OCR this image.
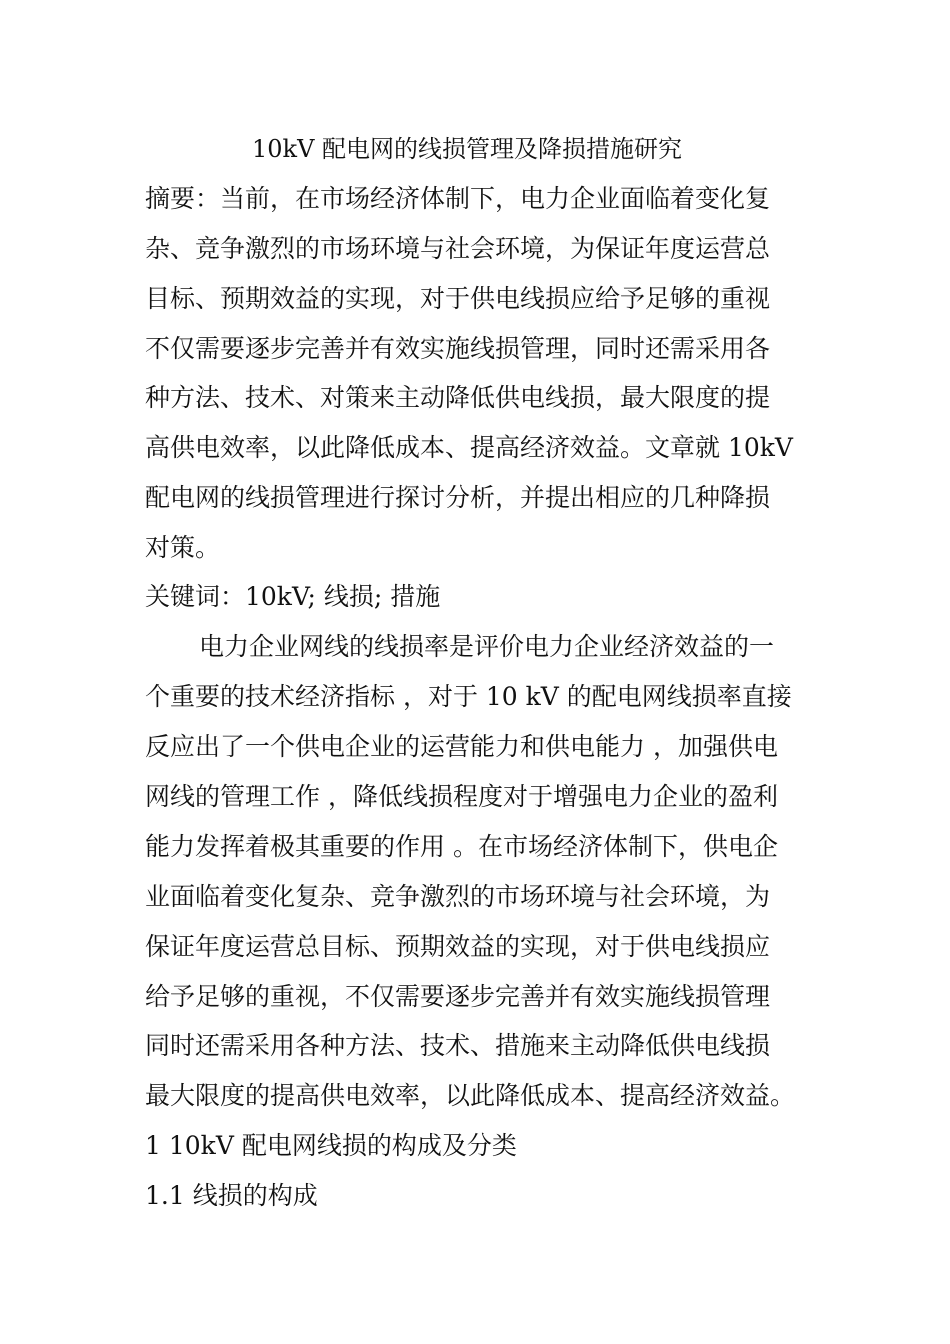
10kV 配电网的线损管理及降损措施研究
摘要：当前，在市场经济体制下，电力企业面临着变化复
杂、竞争激烈的市场环境与社会环境，为保证年度运营总
目标、预期效益的实现，对于供电线损应给予足够的重视
不仅需要逐步完善并有效实施线损管理，同时还需采用各
种方法、技术、对策来主动降低供电线损，最大限度的提
高供电效率，以此降低成本、提高经济效益。文章就 10kV
配电网的线损管理进行探讨分析，并提出相应的几种降损
对策。
关键词：10kV; 线损; 措施
电力企业网线的线损率是评价电力企业经济效益的一
个重要的技术经济指标 ，对于 10 kV 的配电网线损率直接
反应出了一个供电企业的运营能力和供电能力 ，加强供电
网线的管理工作 ，降低线损程度对于增强电力企业的盈利
能力发挥着极其重要的作用 。在市场经济体制下，供电企
业面临着变化复杂、竞争激烈的市场环境与社会环境，为
保证年度运营总目标、预期效益的实现，对于供电线损应
给予足够的重视，不仅需要逐步完善并有效实施线损管理
同时还需采用各种方法、技术、措施来主动降低供电线损
最大限度的提高供电效率，以此降低成本、提高经济效益。
1 10kV 配电网线损的构成及分类
1.1 线损的构成
